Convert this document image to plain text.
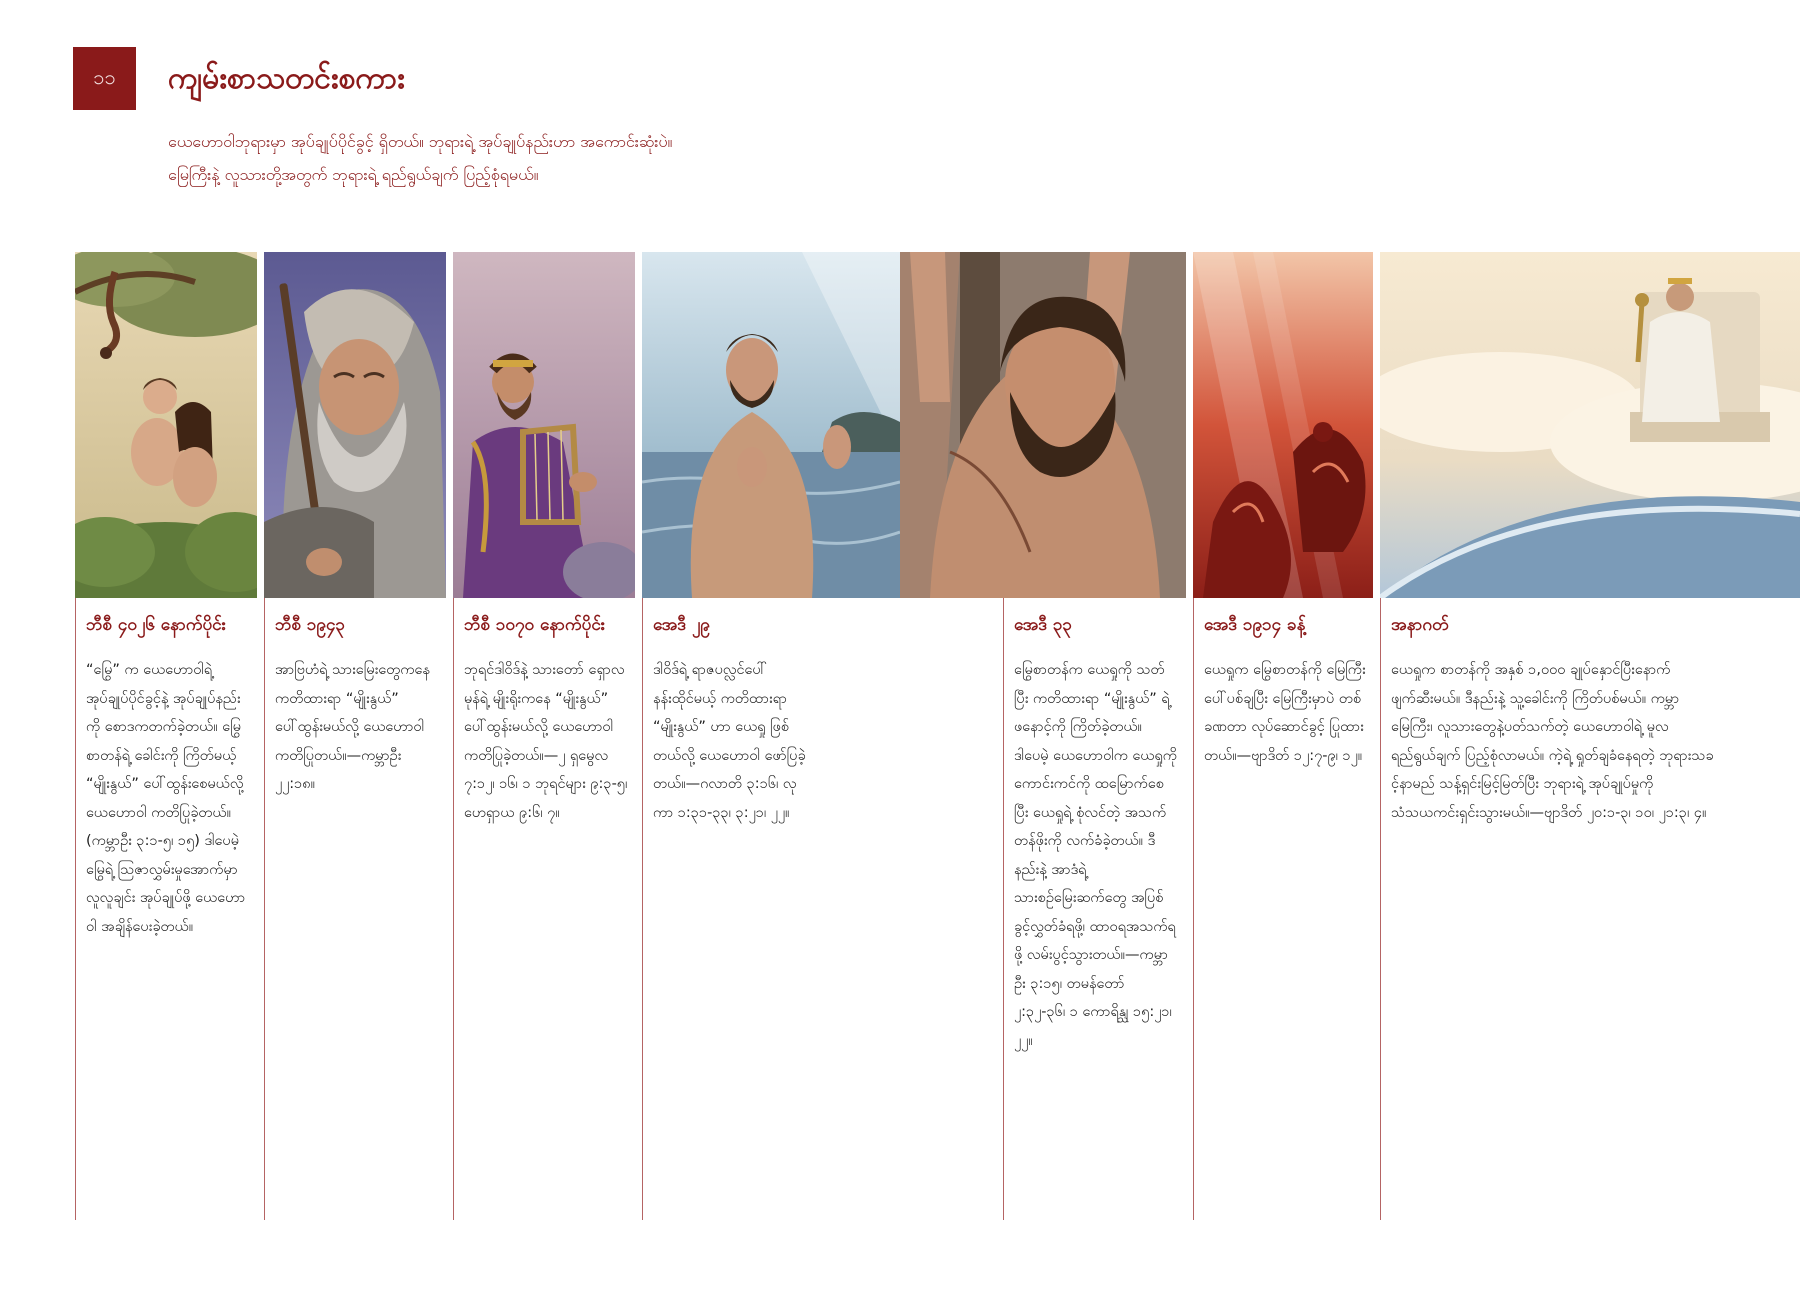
၁၁	ကျမ်းစာသတင်းစကား
ယေဟောဝါဘုရားမှာ အုပ်ချုပ်ပိုင်ခွင့် ရှိတယ်။ ဘုရားရဲ့ အုပ်ချုပ်နည်းဟာ အကောင်းဆုံးပဲ။
မြေကြီးနဲ့ လူသားတို့အတွက် ဘုရားရဲ့ ရည်ရွယ်ချက် ပြည့်စုံရမယ်။
ဘီစီ ၄၀၂၆ နောက်ပိုင်း
“မြွေ” က ယေဟောဝါရဲ့ အုပ်ချုပ်ပိုင်ခွင့်နဲ့ အုပ်ချုပ်နည်းကို စောဒကတက်ခဲ့တယ်။ မြွေစာတန်ရဲ့ ခေါင်းကို ကြိတ်မယ့် “မျိုးနွယ်” ပေါ်ထွန်းစေမယ်လို့ ယေဟောဝါ ကတိပြုခဲ့တယ်။ (ကမ္ဘာဦး ၃:၁-၅၊ ၁၅) ဒါပေမဲ့ မြွေရဲ့ ဩဇာလွှမ်းမှုအောက်မှာ လူလူချင်း အုပ်ချုပ်ဖို့ ယေဟောဝါ အချိန်ပေးခဲ့တယ်။
ဘီစီ ၁၉၄၃
အာဗြဟံရဲ့ သားမြေးတွေကနေ ကတိထားရာ “မျိုးနွယ်” ပေါ်ထွန်းမယ်လို့ ယေဟောဝါ ကတိပြုတယ်။—ကမ္ဘာဦး ၂၂:၁၈။
ဘီစီ ၁၀၇၀ နောက်ပိုင်း
ဘုရင်ဒါဝိဒ်နဲ့ သားတော် ရှောလမုန်ရဲ့ မျိုးရိုးကနေ “မျိုးနွယ်” ပေါ်ထွန်းမယ်လို့ ယေဟောဝါ ကတိပြုခဲ့တယ်။—၂ ရှမွေလ ၇:၁၂၊ ၁၆၊ ၁ ဘုရင်များ ၉:၃-၅၊ ဟေရှာယ ၉:၆၊ ၇။
အေဒီ ၂၉
ဒါဝိဒ်ရဲ့ ရာဇပလ္လင်ပေါ် နန်းထိုင်မယ့် ကတိထားရာ “မျိုးနွယ်” ဟာ ယေရှု ဖြစ်တယ်လို့ ယေဟောဝါ ဖော်ပြခဲ့တယ်။—ဂလာတိ ၃:၁၆၊ လုကာ ၁:၃၁-၃၃၊ ၃:၂၁၊ ၂၂။
အေဒီ ၃၃
မြွေစာတန်က ယေရှုကို သတ်ပြီး ကတိထားရာ “မျိုးနွယ်” ရဲ့ ဖနောင့်ကို ကြိတ်ခဲ့တယ်။ ဒါပေမဲ့ ယေဟောဝါက ယေရှုကို ကောင်းကင်ကို ထမြောက်စေပြီး ယေရှုရဲ့ စုံလင်တဲ့ အသက်တန်ဖိုးကို လက်ခံခဲ့တယ်။ ဒီနည်းနဲ့ အာဒံရဲ့ သားစဉ်မြေးဆက်တွေ အပြစ်ခွင့်လွှတ်ခံရဖို့၊ ထာဝရအသက်ရဖို့ လမ်းပွင့်သွားတယ်။—ကမ္ဘာဦး ၃:၁၅၊ တမန်တော် ၂:၃၂-၃၆၊ ၁ ကောရိန္သု ၁၅:၂၁၊ ၂၂။
အေဒီ ၁၉၁၄ ခန့်
ယေရှုက မြွေစာတန်ကို မြေကြီးပေါ်ပစ်ချပြီး မြေကြီးမှာပဲ တစ်ခဏတာ လုပ်ဆောင်ခွင့် ပြုထားတယ်။—ဗျာဒိတ် ၁၂:၇-၉၊ ၁၂။
အနာဂတ်
ယေရှုက စာတန်ကို အနှစ် ၁,၀၀၀ ချုပ်နှောင်ပြီးနောက် ဖျက်ဆီးမယ်။ ဒီနည်းနဲ့ သူ့ခေါင်းကို ကြိတ်ပစ်မယ်။ ကမ္ဘာမြေကြီး၊ လူသားတွေနဲ့ပတ်သက်တဲ့ ယေဟောဝါရဲ့ မူလရည်ရွယ်ချက် ပြည့်စုံလာမယ်။ ကဲ့ရဲ့ ရှုတ်ချခံနေရတဲ့ ဘုရားသခင့်နာမည် သန့်ရှင်းမြင့်မြတ်ပြီး ဘုရားရဲ့ အုပ်ချုပ်မှုကို သံသယကင်းရှင်းသွားမယ်။—ဗျာဒိတ် ၂၀:၁-၃၊ ၁၀၊ ၂၁:၃၊ ၄။
